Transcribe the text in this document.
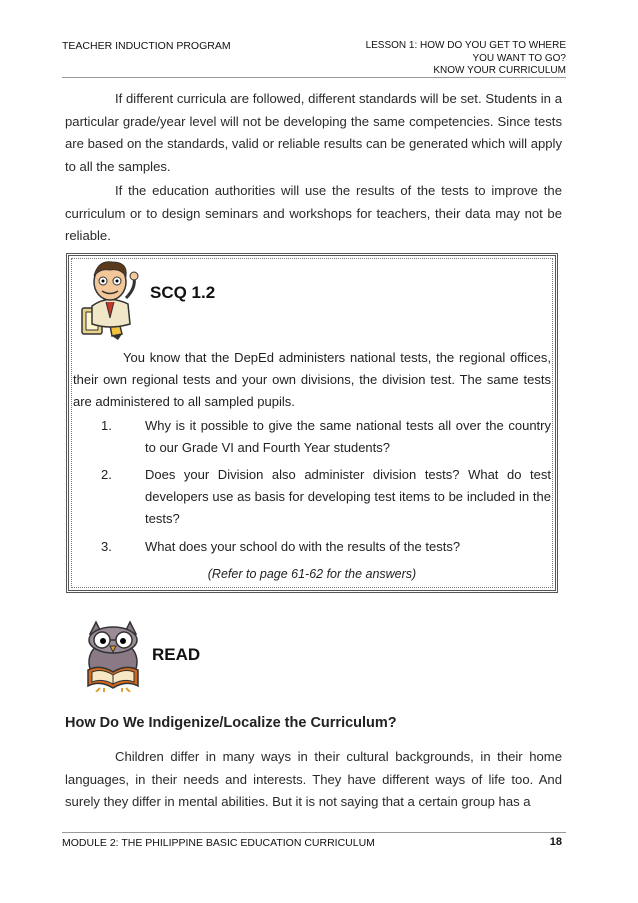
TEACHER INDUCTION PROGRAM	LESSON 1: HOW DO YOU GET TO WHERE
YOU WANT TO GO?
KNOW YOUR CURRICULUM

If different curricula are followed, different standards will be set. Students in a particular grade/year level will not be developing the same competencies. Since tests are based on the standards, valid or reliable results can be generated which will apply to all the samples.

If the education authorities will use the results of the tests to improve the curriculum or to design seminars and workshops for teachers, their data may not be reliable.

SCQ 1.2

You know that the DepEd administers national tests, the regional offices, their own regional tests and your own divisions, the division test. The same tests are administered to all sampled pupils.

1.	Why is it possible to give the same national tests all over the country to our Grade VI and Fourth Year students?
2.	Does your Division also administer division tests? What do test developers use as basis for developing test items to be included in the tests?
3.	What does your school do with the results of the tests?
(Refer to page 61-62 for the answers)
READ
How Do We Indigenize/Localize the Curriculum?

Children differ in many ways in their cultural backgrounds, in their home languages, in their needs and interests. They have different ways of life too. And surely they differ in mental abilities. But it is not saying that a certain group has a

MODULE 2: THE PHILIPPINE BASIC EDUCATION CURRICULUM	18
